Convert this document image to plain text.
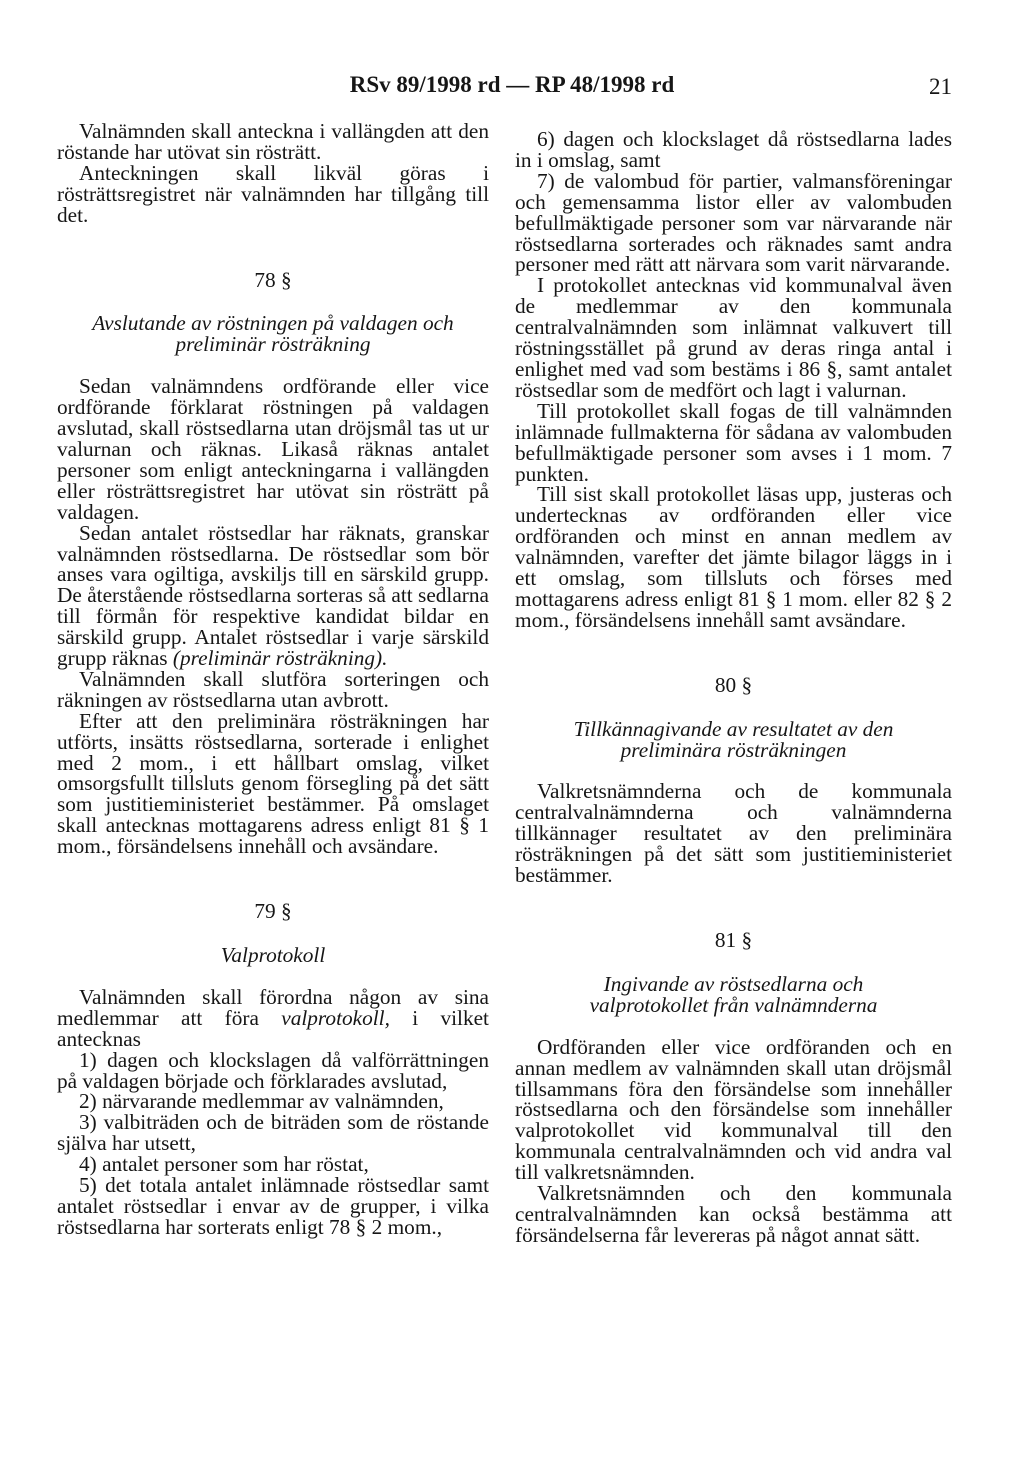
RSv 89/1998 rd — RP 48/1998 rd	21

Valnämnden skall anteckna i vallängden att den röstande har utövat sin rösträtt.

Anteckningen skall likväl göras i rösträttsregistret när valnämnden har tillgång till det.

78 §

Avslutande av röstningen på valdagen och

preliminär rösträkning

Sedan valnämndens ordförande eller vice ordförande förklarat röstningen på valdagen avslutad, skall röstsedlarna utan dröjsmål tas ut ur valurnan och räknas. Likaså räknas antalet personer som enligt anteckningarna i vallängden eller rösträttsregistret har utövat sin rösträtt på valdagen.

Sedan antalet röstsedlar har räknats, granskar valnämnden röstsedlarna. De röstsedlar som bör anses vara ogiltiga, avskiljs till en särskild grupp. De återstående röstsedlarna sorteras så att sedlarna till förmån för respektive kandidat bildar en särskild grupp. Antalet röstsedlar i varje särskild grupp räknas (preliminär rösträkning).

Valnämnden skall slutföra sorteringen och räkningen av röstsedlarna utan avbrott.

Efter att den preliminära rösträkningen har utförts, insätts röstsedlarna, sorterade i enlighet med 2 mom., i ett hållbart omslag, vilket omsorgsfullt tillsluts genom försegling på det sätt som justitieministeriet bestämmer. På omslaget skall antecknas mottagarens adress enligt 81 § 1 mom., försändelsens innehåll och avsändare.

79 §

Valprotokoll

Valnämnden skall förordna någon av sina medlemmar att föra valprotokoll, i vilket antecknas

1) dagen och klockslagen då valförrättningen på valdagen började och förklarades avslutad,

2) närvarande medlemmar av valnämnden,

3) valbiträden och de biträden som de röstande själva har utsett,

4) antalet personer som har röstat,

5) det totala antalet inlämnade röstsedlar samt antalet röstsedlar i envar av de grupper, i vilka röstsedlarna har sorterats enligt 78 § 2 mom.,

6) dagen och klockslaget då röstsedlarna lades in i omslag, samt

7) de valombud för partier, valmansföreningar och gemensamma listor eller av valombuden befullmäktigade personer som var närvarande när röstsedlarna sorterades och räknades samt andra personer med rätt att närvara som varit närvarande.

I protokollet antecknas vid kommunalval även de medlemmar av den kommunala centralvalnämnden som inlämnat valkuvert till röstningsstället på grund av deras ringa antal i enlighet med vad som bestäms i 86 §, samt antalet röstsedlar som de medfört och lagt i valurnan.

Till protokollet skall fogas de till valnämnden inlämnade fullmakterna för sådana av valombuden befullmäktigade personer som avses i 1 mom. 7 punkten.

Till sist skall protokollet läsas upp, justeras och undertecknas av ordföranden eller vice ordföranden och minst en annan medlem av valnämnden, varefter det jämte bilagor läggs in i ett omslag, som tillsluts och förses med mottagarens adress enligt 81 § 1 mom. eller 82 § 2 mom., försändelsens innehåll samt avsändare.

80 §

Tillkännagivande av resultatet av den

preliminära rösträkningen

Valkretsnämnderna och de kommunala centralvalnämnderna och valnämnderna tillkännager resultatet av den preliminära rösträkningen på det sätt som justitieministeriet bestämmer.

81 §

Ingivande av röstsedlarna och

valprotokollet från valnämnderna

Ordföranden eller vice ordföranden och en annan medlem av valnämnden skall utan dröjsmål tillsammans föra den försändelse som innehåller röstsedlarna och den försändelse som innehåller valprotokollet vid kommunalval till den kommunala centralvalnämnden och vid andra val till valkretsnämnden.

Valkretsnämnden och den kommunala centralvalnämnden kan också bestämma att försändelserna får levereras på något annat sätt.
